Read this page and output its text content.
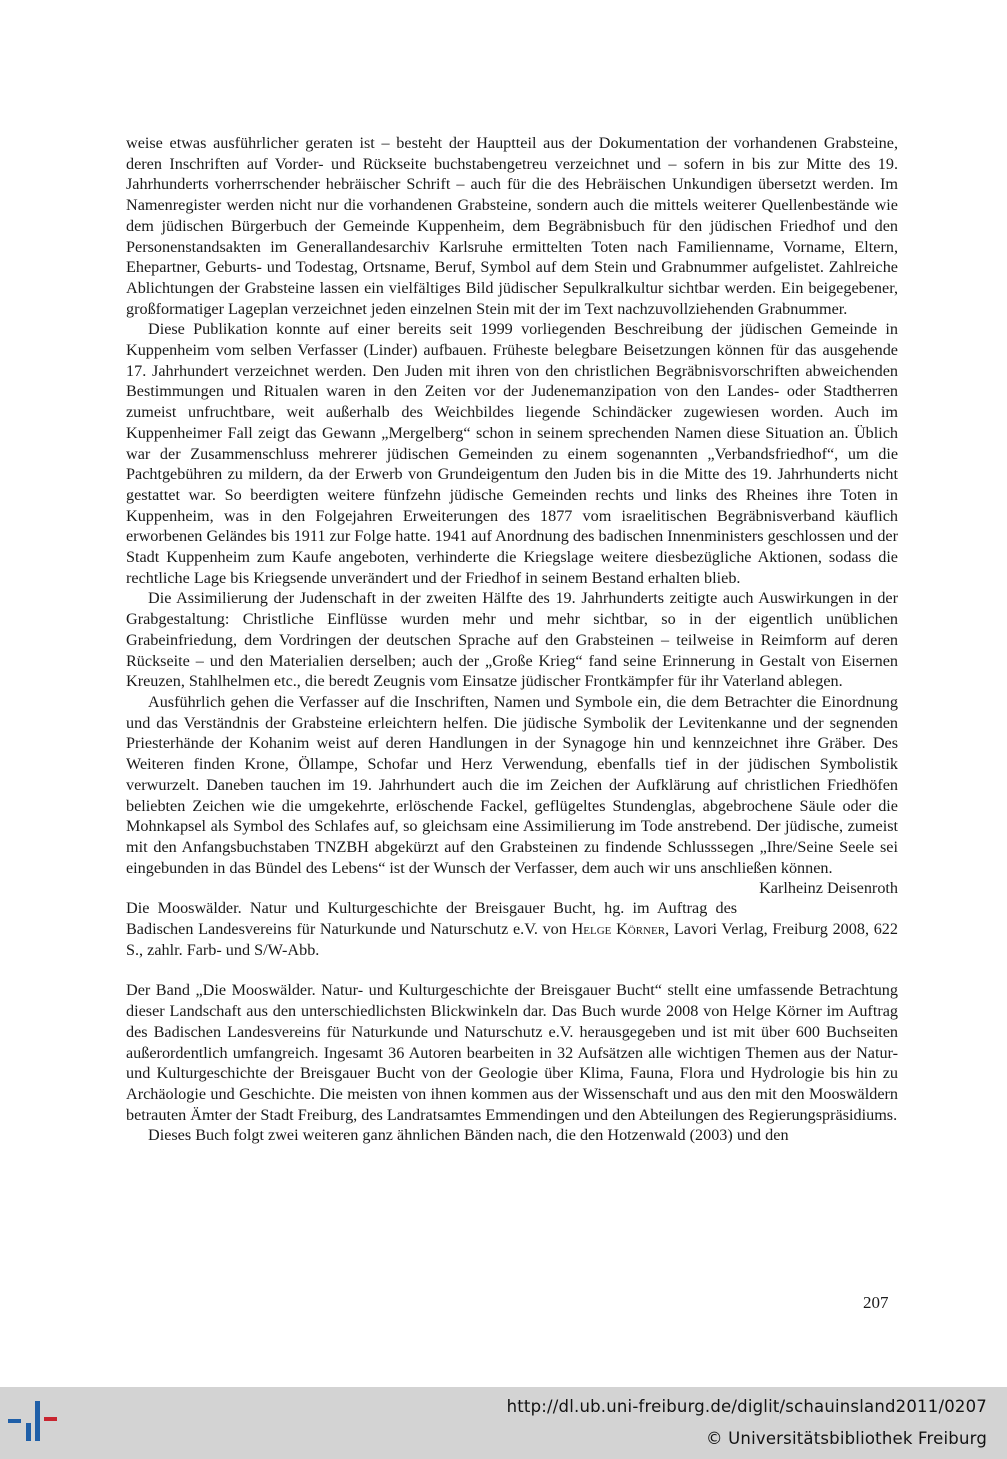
weise etwas ausführlicher geraten ist – besteht der Hauptteil aus der Dokumentation der vorhandenen Grabsteine, deren Inschriften auf Vorder- und Rückseite buchstabengetreu verzeichnet und – sofern in bis zur Mitte des 19. Jahrhunderts vorherrschender hebräischer Schrift – auch für die des Hebräischen Unkundigen übersetzt werden. Im Namenregister werden nicht nur die vorhandenen Grabsteine, sondern auch die mittels weiterer Quellenbestände wie dem jüdischen Bürgerbuch der Gemeinde Kuppenheim, dem Begräbnisbuch für den jüdischen Friedhof und den Personenstandsakten im Generallandesarchiv Karlsruhe ermittelten Toten nach Familienname, Vorname, Eltern, Ehepartner, Geburts- und Todestag, Ortsname, Beruf, Symbol auf dem Stein und Grabnummer aufgelistet. Zahlreiche Ablichtungen der Grabsteine lassen ein vielfältiges Bild jüdischer Sepulkralkultur sichtbar werden. Ein beigegebener, großformatiger Lageplan verzeichnet jeden einzelnen Stein mit der im Text nachzuvollziehenden Grabnummer.

Diese Publikation konnte auf einer bereits seit 1999 vorliegenden Beschreibung der jüdischen Gemeinde in Kuppenheim vom selben Verfasser (Linder) aufbauen. Früheste belegbare Beisetzungen können für das ausgehende 17. Jahrhundert verzeichnet werden. Den Juden mit ihren von den christlichen Begräbnisvorschriften abweichenden Bestimmungen und Ritualen waren in den Zeiten vor der Judenemanzipation von den Landes- oder Stadtherren zumeist unfruchtbare, weit außerhalb des Weichbildes liegende Schindäcker zugewiesen worden. Auch im Kuppenheimer Fall zeigt das Gewann „Mergelberg“ schon in seinem sprechenden Namen diese Situation an. Üblich war der Zusammenschluss mehrerer jüdischen Gemeinden zu einem sogenannten „Verbandsfriedhof“, um die Pachtgebühren zu mildern, da der Erwerb von Grundeigentum den Juden bis in die Mitte des 19. Jahrhunderts nicht gestattet war. So beerdigten weitere fünfzehn jüdische Gemeinden rechts und links des Rheines ihre Toten in Kuppenheim, was in den Folgejahren Erweiterungen des 1877 vom israelitischen Begräbnisverband käuflich erworbenen Geländes bis 1911 zur Folge hatte. 1941 auf Anordnung des badischen Innenministers geschlossen und der Stadt Kuppenheim zum Kaufe angeboten, verhinderte die Kriegslage weitere diesbezügliche Aktionen, sodass die rechtliche Lage bis Kriegsende unverändert und der Friedhof in seinem Bestand erhalten blieb.

Die Assimilierung der Judenschaft in der zweiten Hälfte des 19. Jahrhunderts zeitigte auch Auswirkungen in der Grabgestaltung: Christliche Einflüsse wurden mehr und mehr sichtbar, so in der eigentlich unüblichen Grabeinfriedung, dem Vordringen der deutschen Sprache auf den Grabsteinen – teilweise in Reimform auf deren Rückseite – und den Materialien derselben; auch der „Große Krieg“ fand seine Erinnerung in Gestalt von Eisernen Kreuzen, Stahlhelmen etc., die beredt Zeugnis vom Einsatze jüdischer Frontkämpfer für ihr Vaterland ablegen.

Ausführlich gehen die Verfasser auf die Inschriften, Namen und Symbole ein, die dem Betrachter die Einordnung und das Verständnis der Grabsteine erleichtern helfen. Die jüdische Symbolik der Levitenkanne und der segnenden Priesterhände der Kohanim weist auf deren Handlungen in der Synagoge hin und kennzeichnet ihre Gräber. Des Weiteren finden Krone, Öllampe, Schofar und Herz Verwendung, ebenfalls tief in der jüdischen Symbolistik verwurzelt. Daneben tauchen im 19. Jahrhundert auch die im Zeichen der Aufklärung auf christlichen Friedhöfen beliebten Zeichen wie die umgekehrte, erlöschende Fackel, geflügeltes Stundenglas, abgebrochene Säule oder die Mohnkapsel als Symbol des Schlafes auf, so gleichsam eine Assimilierung im Tode anstrebend. Der jüdische, zumeist mit den Anfangsbuchstaben TNZBH abgekürzt auf den Grabsteinen zu findende Schlusssegen „Ihre/Seine Seele sei eingebunden in das Bündel des Lebens“ ist der Wunsch der Verfasser, dem auch wir uns anschließen können.
Karlheinz Deisenroth

Die Mooswälder. Natur und Kulturgeschichte der Breisgauer Bucht, hg. im Auftrag des Badischen Landesvereins für Naturkunde und Naturschutz e.V. von Helge Körner, Lavori Verlag, Freiburg 2008, 622 S., zahlr. Farb- und S/W-Abb.

Der Band „Die Mooswälder. Natur- und Kulturgeschichte der Breisgauer Bucht“ stellt eine umfassende Betrachtung dieser Landschaft aus den unterschiedlichsten Blickwinkeln dar. Das Buch wurde 2008 von Helge Körner im Auftrag des Badischen Landesvereins für Naturkunde und Naturschutz e.V. herausgegeben und ist mit über 600 Buchseiten außerordentlich umfangreich. Ingesamt 36 Autoren bearbeiten in 32 Aufsätzen alle wichtigen Themen aus der Natur- und Kulturgeschichte der Breisgauer Bucht von der Geologie über Klima, Fauna, Flora und Hydrologie bis hin zu Archäologie und Geschichte. Die meisten von ihnen kommen aus der Wissenschaft und aus den mit den Mooswäldern betrauten Ämter der Stadt Freiburg, des Landratsamtes Emmendingen und den Abteilungen des Regierungspräsidiums.

Dieses Buch folgt zwei weiteren ganz ähnlichen Bänden nach, die den Hotzenwald (2003) und den

207
http://dl.ub.uni-freiburg.de/diglit/schauinsland2011/0207
© Universitätsbibliothek Freiburg
